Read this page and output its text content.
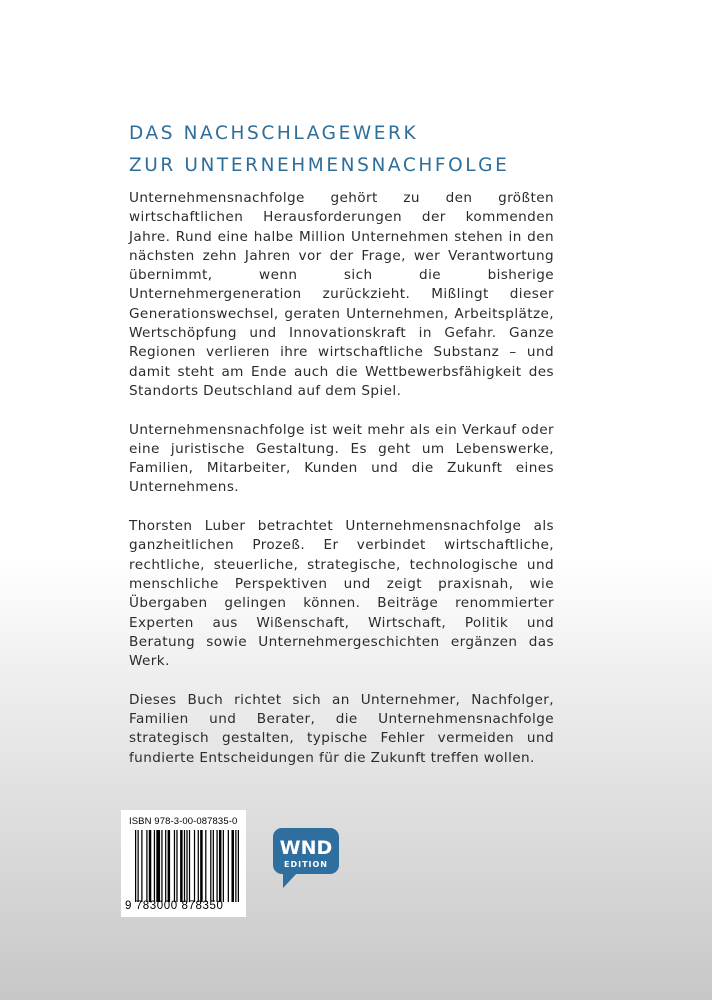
DAS NACHSCHLAGEWERK
ZUR UNTERNEHMENSNACHFOLGE

Unternehmensnachfolge gehört zu den größten wirtschaftlichen Herausforderungen der kommenden Jahre. Rund eine halbe Million Unternehmen stehen in den nächsten zehn Jahren vor der Frage, wer Verantwortung übernimmt, wenn sich die bisherige Unternehmergeneration zurückzieht. Mißlingt dieser Generationswechsel, geraten Unternehmen, Arbeitsplätze, Wertschöpfung und Innovationskraft in Gefahr. Ganze Regionen verlieren ihre wirtschaftliche Substanz – und damit steht am Ende auch die Wettbewerbsfähigkeit des Standorts Deutschland auf dem Spiel.

Unternehmensnachfolge ist weit mehr als ein Verkauf oder eine juristische Gestaltung. Es geht um Lebenswerke, Familien, Mitarbeiter, Kunden und die Zukunft eines Unternehmens.

Thorsten Luber betrachtet Unternehmensnachfolge als ganzheitlichen Prozeß. Er verbindet wirtschaftliche, rechtliche, steuerliche, strategische, technologische und menschliche Perspektiven und zeigt praxisnah, wie Übergaben gelingen können. Beiträge renommierter Experten aus Wißenschaft, Wirtschaft, Politik und Beratung sowie Unternehmergeschichten ergänzen das Werk.

Dieses Buch richtet sich an Unternehmer, Nachfolger, Familien und Berater, die Unternehmensnachfolge strategisch gestalten, typische Fehler vermeiden und fundierte Entscheidungen für die Zukunft treffen wollen.

ISBN 978-3-00-087835-0
9 783000 878350
WND
EDITION
